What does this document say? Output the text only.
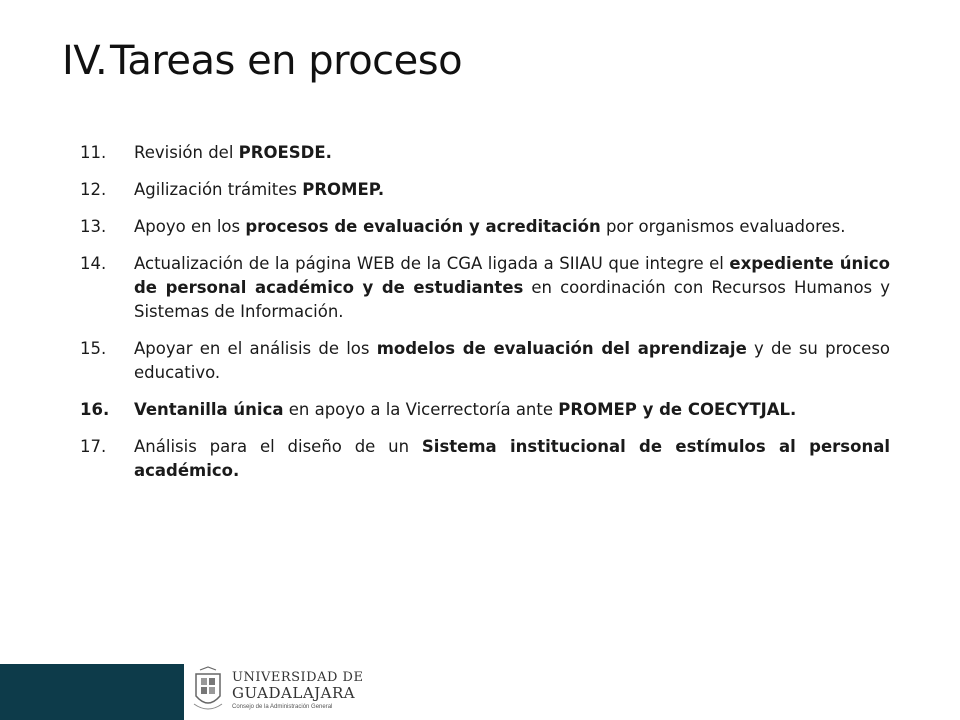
IV.Tareas en proceso
11.	Revisión del PROESDE.
12.	Agilización trámites PROMEP.
13.	Apoyo en los procesos de evaluación y acreditación por organismos evaluadores.
14.	Actualización de la página WEB de la CGA ligada a SIIAU que integre el expediente único de personal académico y de estudiantes en coordinación con Recursos Humanos y Sistemas de Información.
15.	Apoyar en el análisis de los modelos de evaluación del aprendizaje y de su proceso educativo.
16.	Ventanilla única en apoyo a la Vicerrectoría ante PROMEP y de COECYTJAL.
17.	Análisis para el diseño de un Sistema institucional de estímulos al personal académico.
UNIVERSIDAD DE
GUADALAJARA
Consejo de la Administración General
